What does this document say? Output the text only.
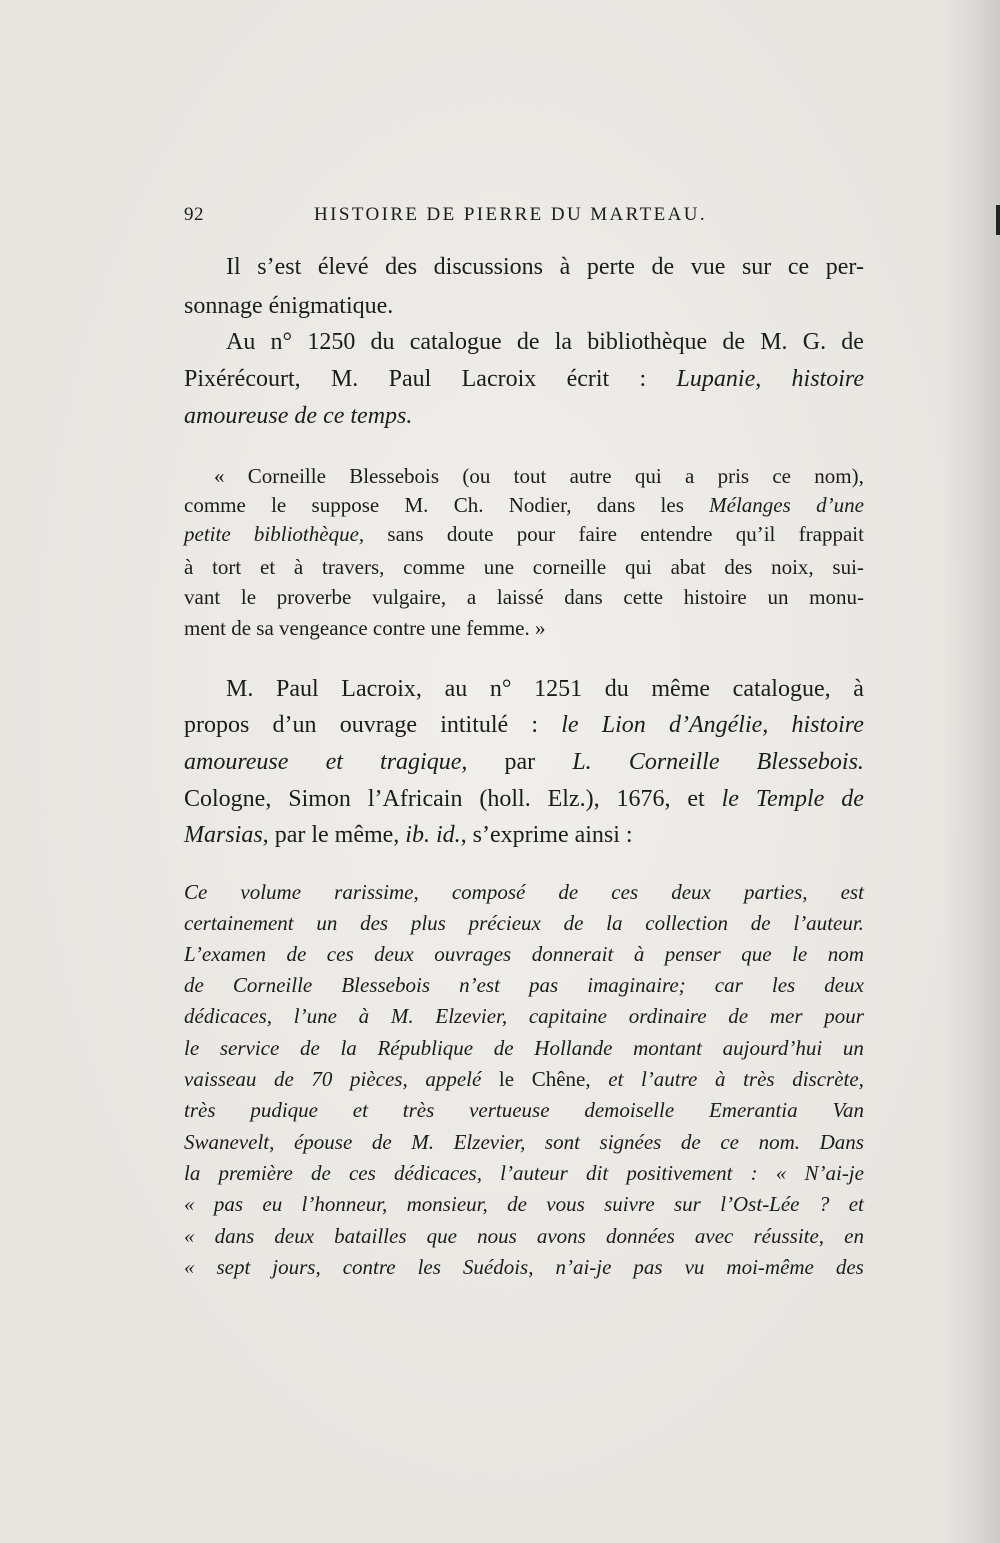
92	HISTOIRE DE PIERRE DU MARTEAU.
Il s’est élevé des discussions à perte de vue sur ce per-
sonnage énigmatique.
Au n° 1250 du catalogue de la bibliothèque de M. G. de
Pixérécourt, M. Paul Lacroix écrit : Lupanie, histoire
amoureuse de ce temps.
« Corneille Blessebois (ou tout autre qui a pris ce nom),
comme le suppose M. Ch. Nodier, dans les Mélanges d’une
petite bibliothèque, sans doute pour faire entendre qu’il frappait
à tort et à travers, comme une corneille qui abat des noix, sui-
vant le proverbe vulgaire, a laissé dans cette histoire un monu-
ment de sa vengeance contre une femme. »
M. Paul Lacroix, au n° 1251 du même catalogue, à
propos d’un ouvrage intitulé : le Lion d’Angélie, histoire
amoureuse et tragique, par L. Corneille Blessebois.
Cologne, Simon l’Africain (holl. Elz.), 1676, et le Temple de
Marsias, par le même, ib. id., s’exprime ainsi :
Ce volume rarissime, composé de ces deux parties, est
certainement un des plus précieux de la collection de l’auteur.
L’examen de ces deux ouvrages donnerait à penser que le nom
de Corneille Blessebois n’est pas imaginaire; car les deux
dédicaces, l’une à M. Elzevier, capitaine ordinaire de mer pour
le service de la République de Hollande montant aujourd’hui un
vaisseau de 70 pièces, appelé le Chêne, et l’autre à très discrète,
très pudique et très vertueuse demoiselle Emerantia Van
Swanevelt, épouse de M. Elzevier, sont signées de ce nom. Dans
la première de ces dédicaces, l’auteur dit positivement : « N’ai-je
« pas eu l’honneur, monsieur, de vous suivre sur l’Ost-Lée ? et
« dans deux batailles que nous avons données avec réussite, en
« sept jours, contre les Suédois, n’ai-je pas vu moi-même des
